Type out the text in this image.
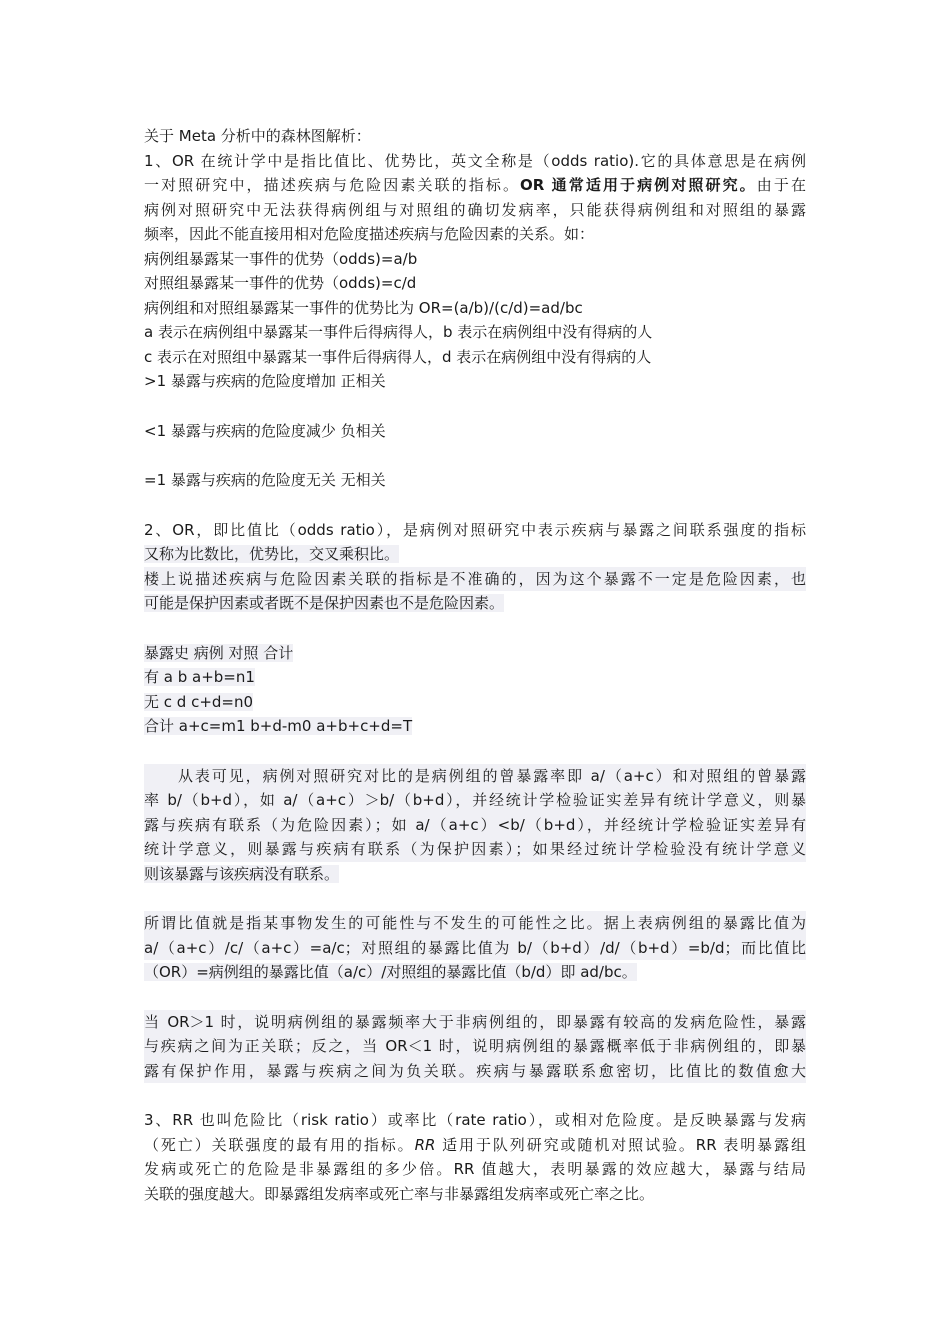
关于 Meta 分析中的森林图解析：
1、OR 在统计学中是指比值比、优势比，英文全称是（odds ratio).它的具体意思是在病例
一对照研究中，描述疾病与危险因素关联的指标。OR 通常适用于病例对照研究。由于在
病例对照研究中无法获得病例组与对照组的确切发病率，只能获得病例组和对照组的暴露
频率，因此不能直接用相对危险度描述疾病与危险因素的关系。如：
病例组暴露某一事件的优势（odds)=a/b
对照组暴露某一事件的优势（odds)=c/d
病例组和对照组暴露某一事件的优势比为 OR=(a/b)/(c/d)=ad/bc
a 表示在病例组中暴露某一事件后得病得人，b 表示在病例组中没有得病的人
c 表示在对照组中暴露某一事件后得病得人，d 表示在病例组中没有得病的人
>1 暴露与疾病的危险度增加 正相关
<1 暴露与疾病的危险度减少 负相关
=1 暴露与疾病的危险度无关 无相关
2、OR，即比值比（odds ratio），是病例对照研究中表示疾病与暴露之间联系强度的指标
又称为比数比，优势比，交叉乘积比。
楼上说描述疾病与危险因素关联的指标是不准确的，因为这个暴露不一定是危险因素，也
可能是保护因素或者既不是保护因素也不是危险因素。
暴露史 病例 对照 合计
有 a b a+b=n1
无 c d c+d=n0
合计 a+c=m1 b+d-m0 a+b+c+d=T
从表可见，病例对照研究对比的是病例组的曾暴露率即 a/（a+c）和对照组的曾暴露
率 b/（b+d），如 a/（a+c）＞b/（b+d），并经统计学检验证实差异有统计学意义，则暴
露与疾病有联系（为危险因素）；如 a/（a+c）<b/（b+d），并经统计学检验证实差异有
统计学意义，则暴露与疾病有联系（为保护因素）；如果经过统计学检验没有统计学意义
则该暴露与该疾病没有联系。
所谓比值就是指某事物发生的可能性与不发生的可能性之比。据上表病例组的暴露比值为
a/（a+c）/c/（a+c）=a/c；对照组的暴露比值为 b/（b+d）/d/（b+d）=b/d；而比值比
（OR）=病例组的暴露比值（a/c）/对照组的暴露比值（b/d）即 ad/bc。
当 OR＞1 时，说明病例组的暴露频率大于非病例组的，即暴露有较高的发病危险性，暴露
与疾病之间为正关联；反之，当 OR＜1 时，说明病例组的暴露概率低于非病例组的，即暴
露有保护作用，暴露与疾病之间为负关联。疾病与暴露联系愈密切，比值比的数值愈大
3、RR 也叫危险比（risk ratio）或率比（rate ratio），或相对危险度。是反映暴露与发病
（死亡）关联强度的最有用的指标。RR 适用于队列研究或随机对照试验。RR 表明暴露组
发病或死亡的危险是非暴露组的多少倍。RR 值越大，表明暴露的效应越大，暴露与结局
关联的强度越大。即暴露组发病率或死亡率与非暴露组发病率或死亡率之比。
